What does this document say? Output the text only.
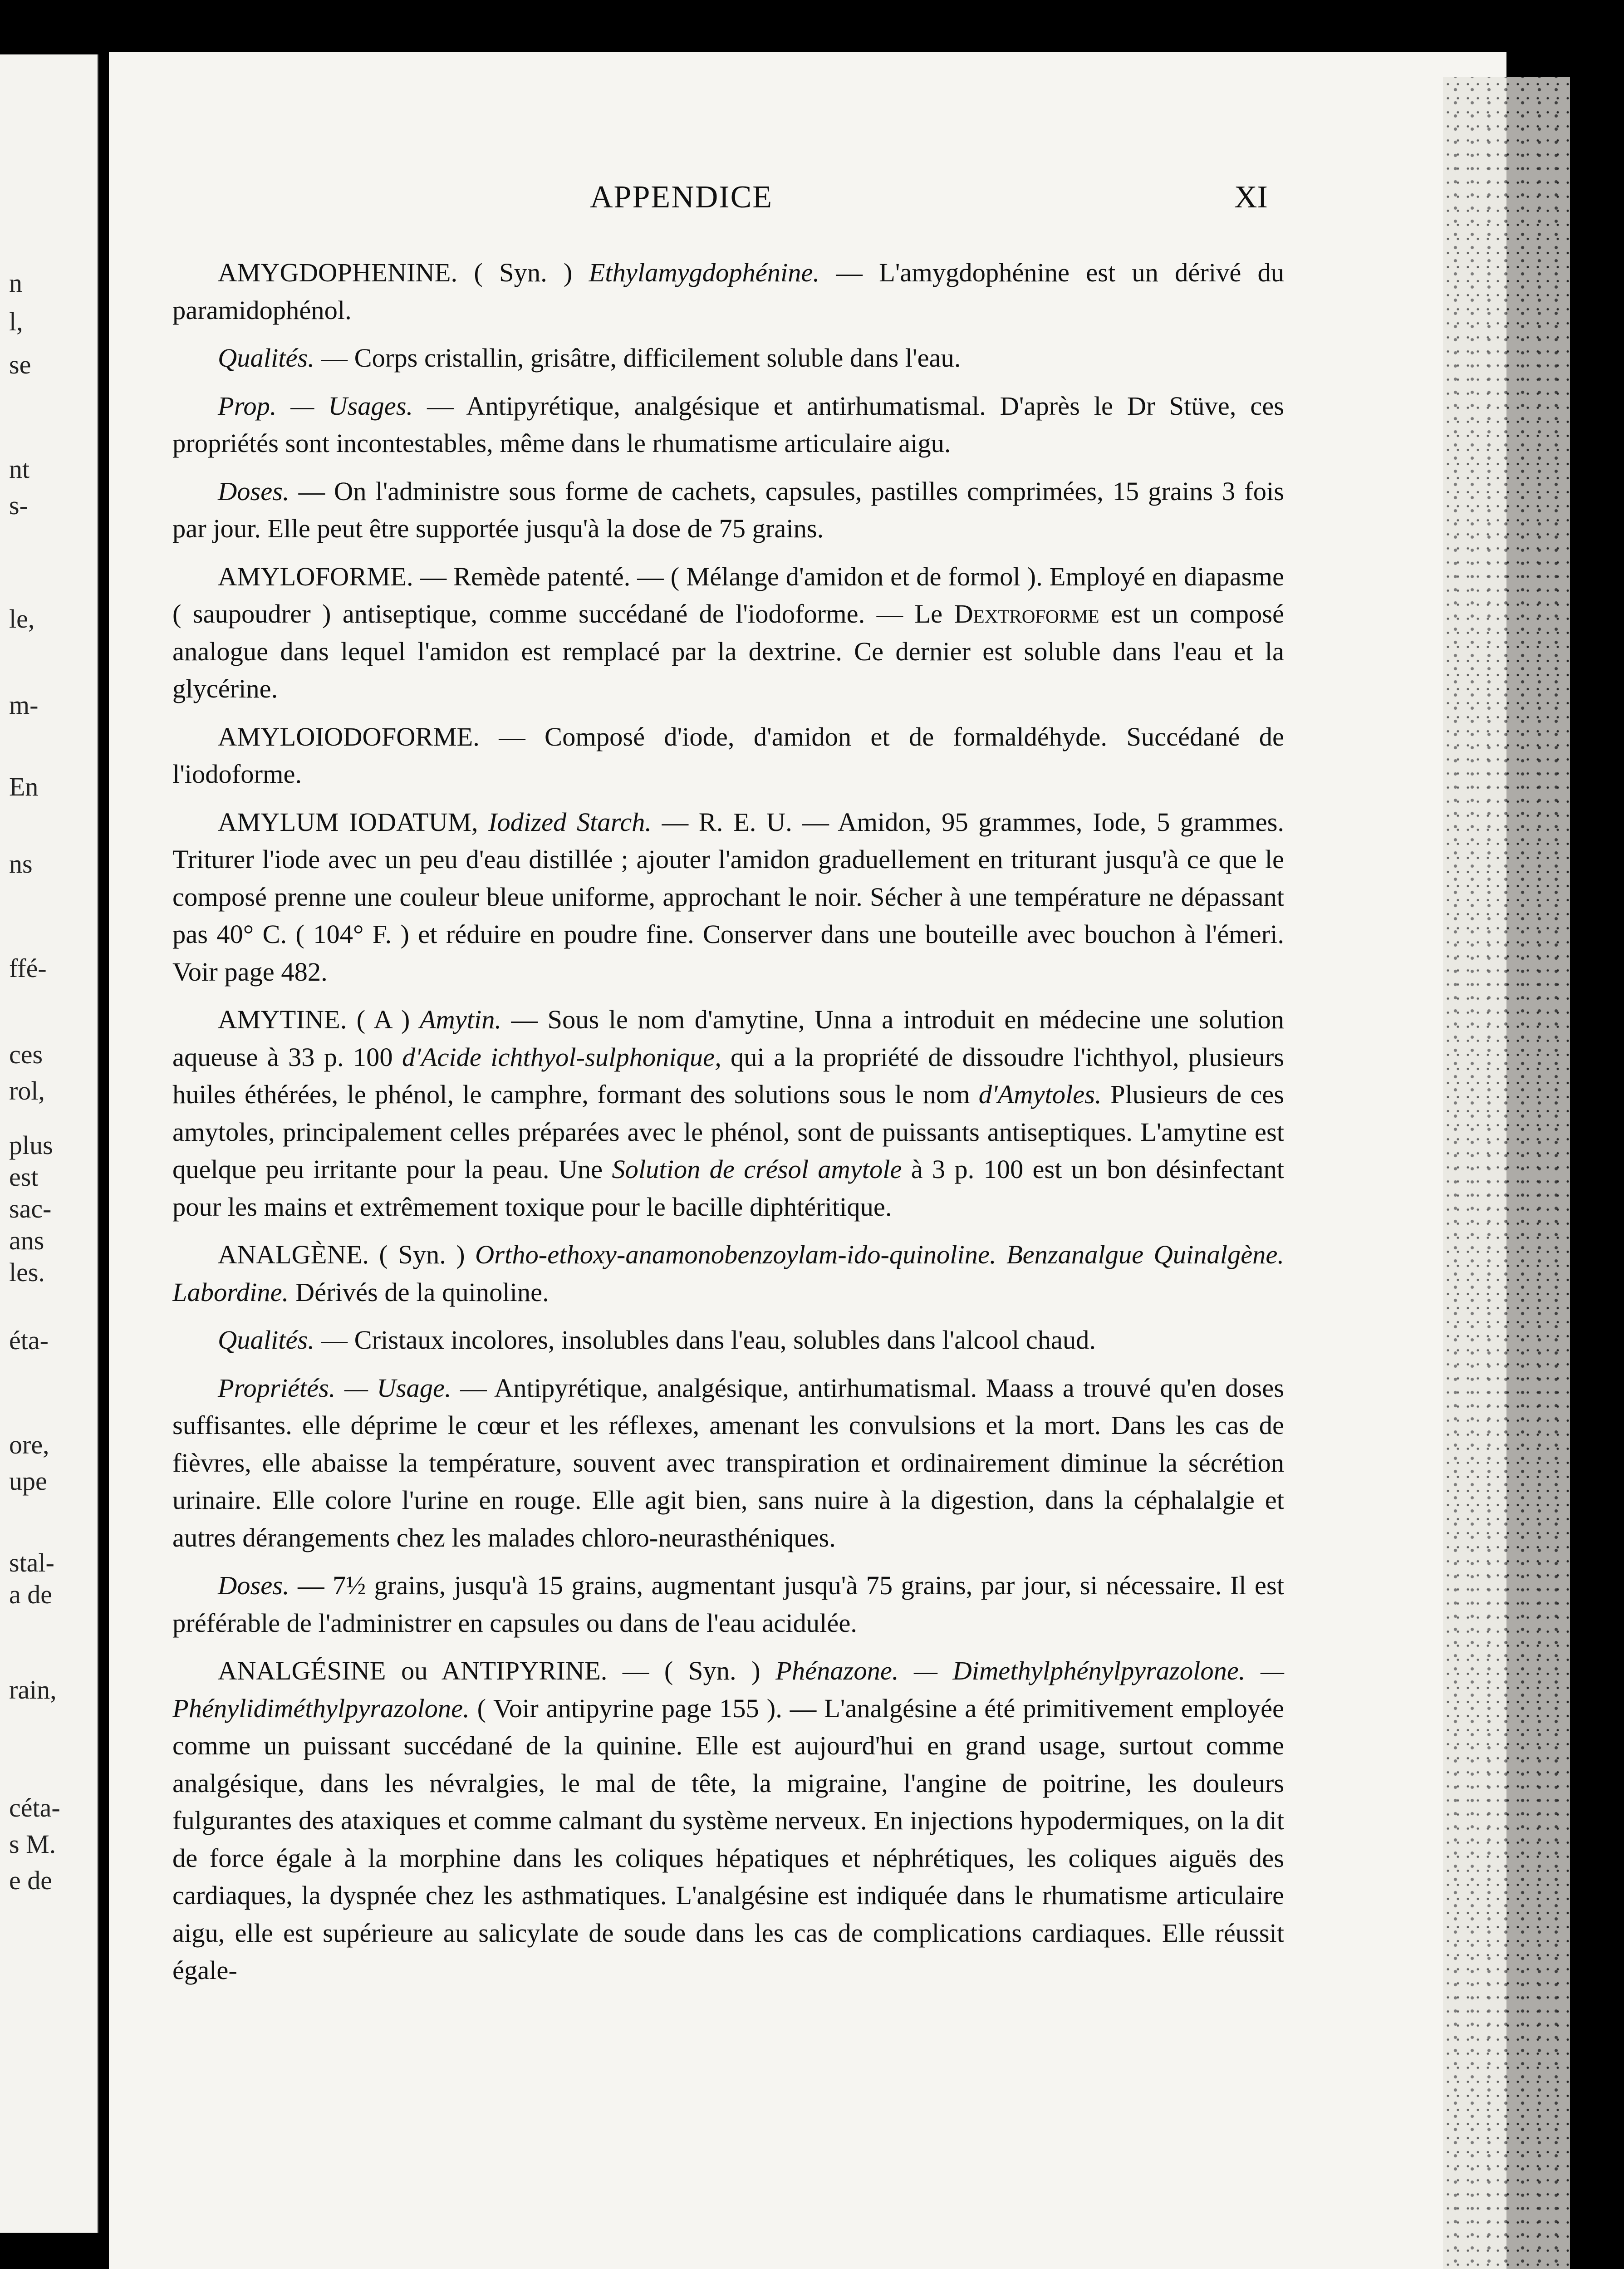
n
l,
se
nt
s-
le,
m-
En
ns
ffé-
ces
rol,
plus
est
sac-
ans
les.
éta-
ore,
upe
stal-
a de
rain,
céta-
s M.
e de
APPENDICE	XI

AMYGDOPHENINE. ( Syn. ) Ethylamygdophénine. — L'amygdophénine est un dérivé du paramidophénol.

Qualités. — Corps cristallin, grisâtre, difficilement soluble dans l'eau.

Prop. — Usages. — Antipyrétique, analgésique et antirhumatismal. D'après le Dr Stüve, ces propriétés sont incontestables, même dans le rhumatisme articulaire aigu.

Doses. — On l'administre sous forme de cachets, capsules, pastilles comprimées, 15 grains 3 fois par jour. Elle peut être supportée jusqu'à la dose de 75 grains.

AMYLOFORME. — Remède patenté. — ( Mélange d'amidon et de formol ). Employé en diapasme ( saupoudrer ) antiseptique, comme succédané de l'iodoforme. — Le Dextroforme est un composé analogue dans lequel l'amidon est remplacé par la dextrine. Ce dernier est soluble dans l'eau et la glycérine.

AMYLOIODOFORME. — Composé d'iode, d'amidon et de formaldéhyde. Succédané de l'iodoforme.

AMYLUM IODATUM, Iodized Starch. — R. E. U. — Amidon, 95 grammes, Iode, 5 grammes. Triturer l'iode avec un peu d'eau distillée ; ajouter l'amidon graduellement en triturant jusqu'à ce que le composé prenne une couleur bleue uniforme, approchant le noir. Sécher à une température ne dépassant pas 40° C. ( 104° F. ) et réduire en poudre fine. Conserver dans une bouteille avec bouchon à l'émeri. Voir page 482.

AMYTINE. ( A ) Amytin. — Sous le nom d'amytine, Unna a introduit en médecine une solution aqueuse à 33 p. 100 d'Acide ichthyol-sulphonique, qui a la propriété de dissoudre l'ichthyol, plusieurs huiles éthérées, le phénol, le camphre, formant des solutions sous le nom d'Amytoles. Plusieurs de ces amytoles, principalement celles préparées avec le phénol, sont de puissants antiseptiques. L'amytine est quelque peu irritante pour la peau. Une Solution de crésol amytole à 3 p. 100 est un bon désinfectant pour les mains et extrêmement toxique pour le bacille diphtéritique.

ANALGÈNE. ( Syn. ) Ortho-ethoxy-anamonobenzoylam-ido-quinoline. Benzanalgue Quinalgène. Labordine. Dérivés de la quinoline.

Qualités. — Cristaux incolores, insolubles dans l'eau, solubles dans l'alcool chaud.

Propriétés. — Usage. — Antipyrétique, analgésique, antirhumatismal. Maass a trouvé qu'en doses suffisantes. elle déprime le cœur et les réflexes, amenant les convulsions et la mort. Dans les cas de fièvres, elle abaisse la température, souvent avec transpiration et ordinairement diminue la sécrétion urinaire. Elle colore l'urine en rouge. Elle agit bien, sans nuire à la digestion, dans la céphalalgie et autres dérangements chez les malades chloro-neurasthéniques.

Doses. — 7½ grains, jusqu'à 15 grains, augmentant jusqu'à 75 grains, par jour, si nécessaire. Il est préférable de l'administrer en capsules ou dans de l'eau acidulée.

ANALGÉSINE ou ANTIPYRINE. — ( Syn. ) Phénazone. — Dimethylphénylpyrazolone. — Phénylidiméthylpyrazolone. ( Voir antipyrine page 155 ). — L'analgésine a été primitivement employée comme un puissant succédané de la quinine. Elle est aujourd'hui en grand usage, surtout comme analgésique, dans les névralgies, le mal de tête, la migraine, l'angine de poitrine, les douleurs fulgurantes des ataxiques et comme calmant du système nerveux. En injections hypodermiques, on la dit de force égale à la morphine dans les coliques hépatiques et néphrétiques, les coliques aiguës des cardiaques, la dyspnée chez les asthmatiques. L'analgésine est indiquée dans le rhumatisme articulaire aigu, elle est supérieure au salicylate de soude dans les cas de complications cardiaques. Elle réussit égale-
